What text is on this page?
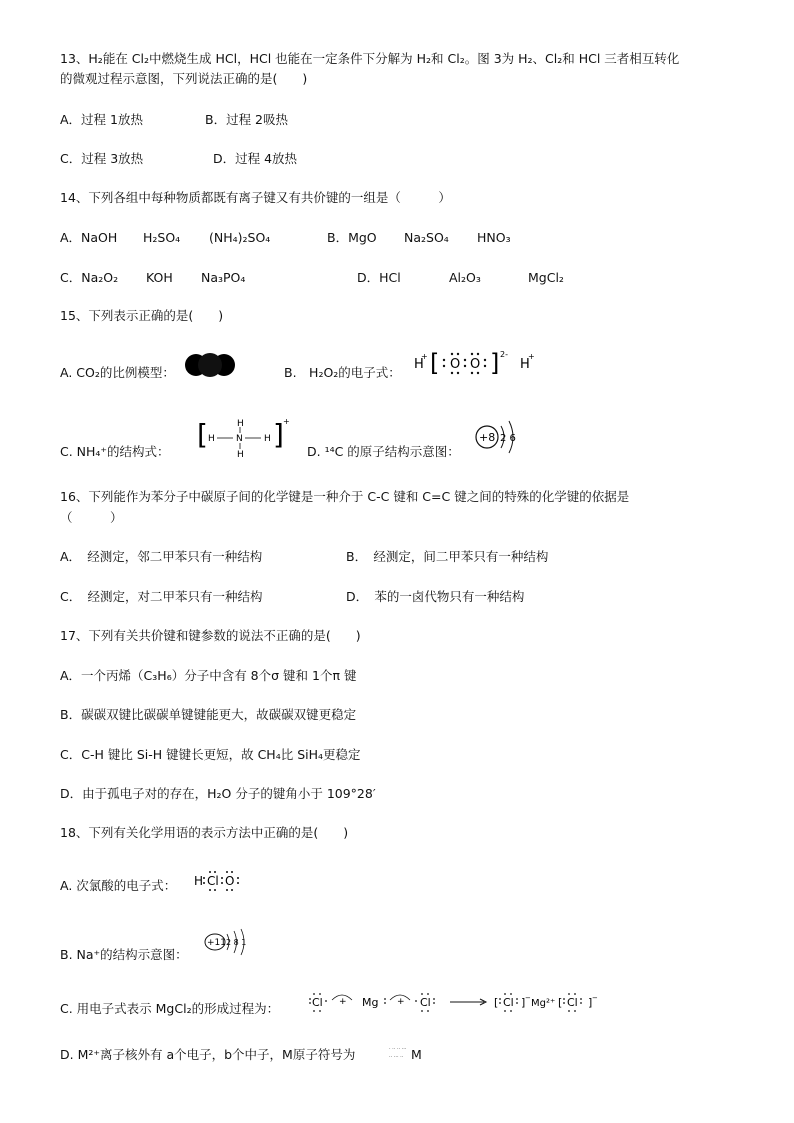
13、H₂能在 Cl₂中燃烧生成 HCl，HCl 也能在一定条件下分解为 H₂和 Cl₂。图 3为 H₂、Cl₂和 HCl 三者相互转化
的微观过程示意图，下列说法正确的是(　　)
A．过程 1放热	B．过程 2吸热
C．过程 3放热	D．过程 4放热
14、下列各组中每种物质都既有离子键又有共价键的一组是（　　　）
A．NaOH H₂SO₄ (NH₄)₂SO₄	B．MgO Na₂SO₄ HNO₃
C．Na₂O₂ KOH Na₃PO₄	D．HCl	Al₂O₃	MgCl₂
15、下列表示正确的是(　　)
A. CO₂的比例模型：	B.　H₂O₂的电子式：
H
+ [ O O ] 2-
H
+
C. NH₄⁺的结构式：
[ H N H
H
H
] +
D. ¹⁴C 的原子结构示意图：
+8 2 6
16、下列能作为苯分子中碳原子间的化学键是一种介于 C-C 键和 C=C 键之间的特殊的化学键的依据是
（　　　）
A．　经测定，邻二甲苯只有一种结构	B．　经测定，间二甲苯只有一种结构
C．　经测定，对二甲苯只有一种结构	D．　苯的一卤代物只有一种结构
17、下列有关共价键和键参数的说法不正确的是(　　)
A．一个丙烯（C₃H₆）分子中含有 8个σ 键和 1个π 键
B．碳碳双键比碳碳单键键能更大，故碳碳双键更稳定
C．C-H 键比 Si-H 键键长更短，故 CH₄比 SiH₄更稳定
D．由于孤电子对的存在，H₂O 分子的键角小于 109°28′
18、下列有关化学用语的表示方法中正确的是(　　)
A. 次氯酸的电子式： H Cl O
B. Na⁺的结构示意图：
+11 2 8 1
C. 用电子式表示 MgCl₂的形成过程为：	Cl + Mg + Cl	[ Cl ] − Mg²⁺ [ Cl ] −
D. M²⁺离子核外有 a个电子，b个中子，M原子符号为	· ·· ·· ···
·· ··· ·· M
